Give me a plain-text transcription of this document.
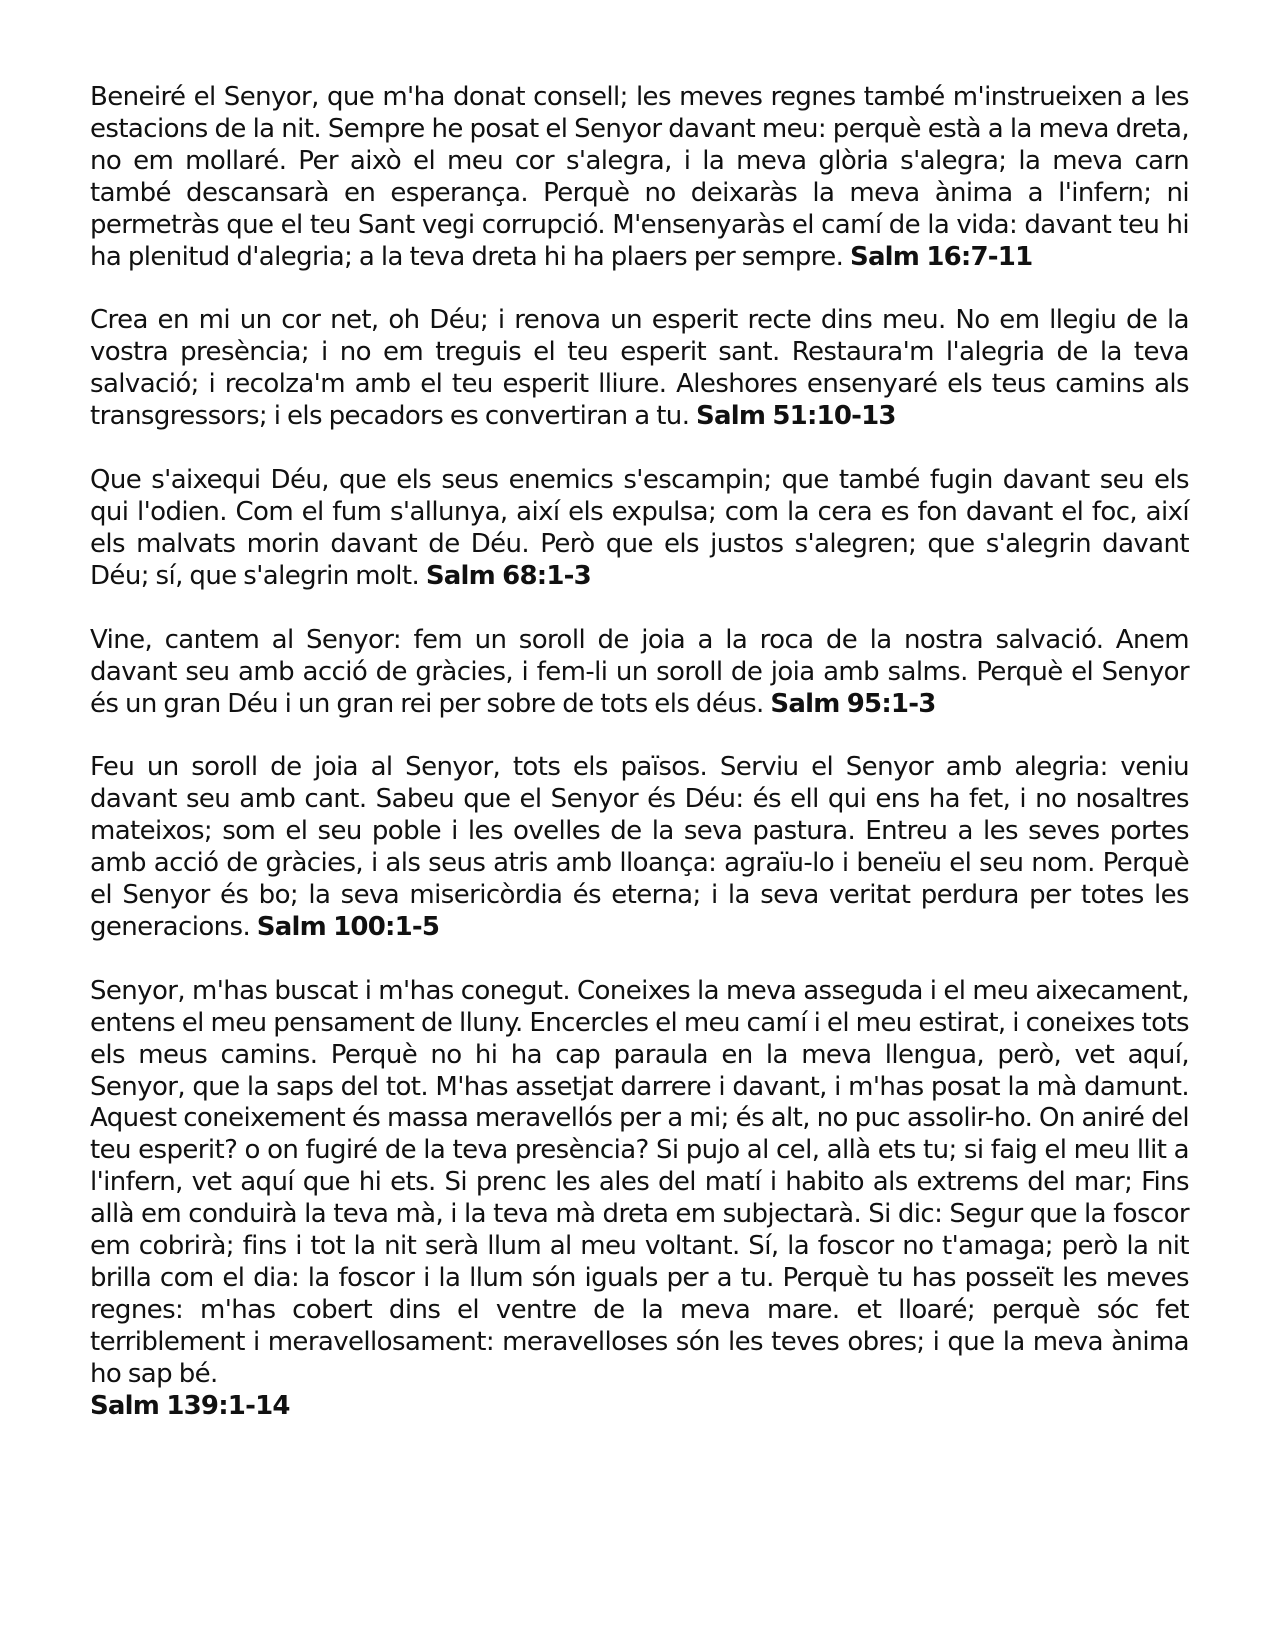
Beneiré el Senyor, que m'ha donat consell; les meves regnes també m'instrueixen a les estacions de la nit. Sempre he posat el Senyor davant meu: perquè està a la meva dreta, no em mollaré. Per això el meu cor s'alegra, i la meva glòria s'alegra; la meva carn també descansarà en esperança. Perquè no deixaràs la meva ànima a l'infern; ni permetràs que el teu Sant vegi corrupció. M'ensenyaràs el camí de la vida: davant teu hi ha plenitud d'alegria; a la teva dreta hi ha plaers per sempre. Salm 16:7-11

Crea en mi un cor net, oh Déu; i renova un esperit recte dins meu. No em llegiu de la vostra presència; i no em treguis el teu esperit sant. Restaura'm l'alegria de la teva salvació; i recolza'm amb el teu esperit lliure. Aleshores ensenyaré els teus camins als transgressors; i els pecadors es convertiran a tu. Salm 51:10-13

Que s'aixequi Déu, que els seus enemics s'escampin; que també fugin davant seu els qui l'odien. Com el fum s'allunya, així els expulsa; com la cera es fon davant el foc, així els malvats morin davant de Déu. Però que els justos s'alegren; que s'alegrin davant Déu; sí, que s'alegrin molt. Salm 68:1-3

Vine, cantem al Senyor: fem un soroll de joia a la roca de la nostra salvació. Anem davant seu amb acció de gràcies, i fem-li un soroll de joia amb salms. Perquè el Senyor és un gran Déu i un gran rei per sobre de tots els déus. Salm 95:1-3

Feu un soroll de joia al Senyor, tots els països. Serviu el Senyor amb alegria: veniu davant seu amb cant. Sabeu que el Senyor és Déu: és ell qui ens ha fet, i no nosaltres mateixos; som el seu poble i les ovelles de la seva pastura. Entreu a les seves portes amb acció de gràcies, i als seus atris amb lloança: agraïu-lo i beneïu el seu nom. Perquè el Senyor és bo; la seva misericòrdia és eterna; i la seva veritat perdura per totes les generacions. Salm 100:1-5

Senyor, m'has buscat i m'has conegut. Coneixes la meva asseguda i el meu aixecament, entens el meu pensament de lluny. Encercles el meu camí i el meu estirat, i coneixes tots els meus camins. Perquè no hi ha cap paraula en la meva llengua, però, vet aquí, Senyor, que la saps del tot. M'has assetjat darrere i davant, i m'has posat la mà damunt. Aquest coneixement és massa meravellós per a mi; és alt, no puc assolir-ho. On aniré del teu esperit? o on fugiré de la teva presència? Si pujo al cel, allà ets tu; si faig el meu llit a l'infern, vet aquí que hi ets. Si prenc les ales del matí i habito als extrems del mar; Fins allà em conduirà la teva mà, i la teva mà dreta em subjectarà. Si dic: Segur que la foscor em cobrirà; fins i tot la nit serà llum al meu voltant. Sí, la foscor no t'amaga; però la nit brilla com el dia: la foscor i la llum són iguals per a tu. Perquè tu has posseït les meves regnes: m'has cobert dins el ventre de la meva mare. et lloaré; perquè sóc fet terriblement i meravellosament: meravelloses són les teves obres; i que la meva ànima ho sap bé.
Salm 139:1-14
